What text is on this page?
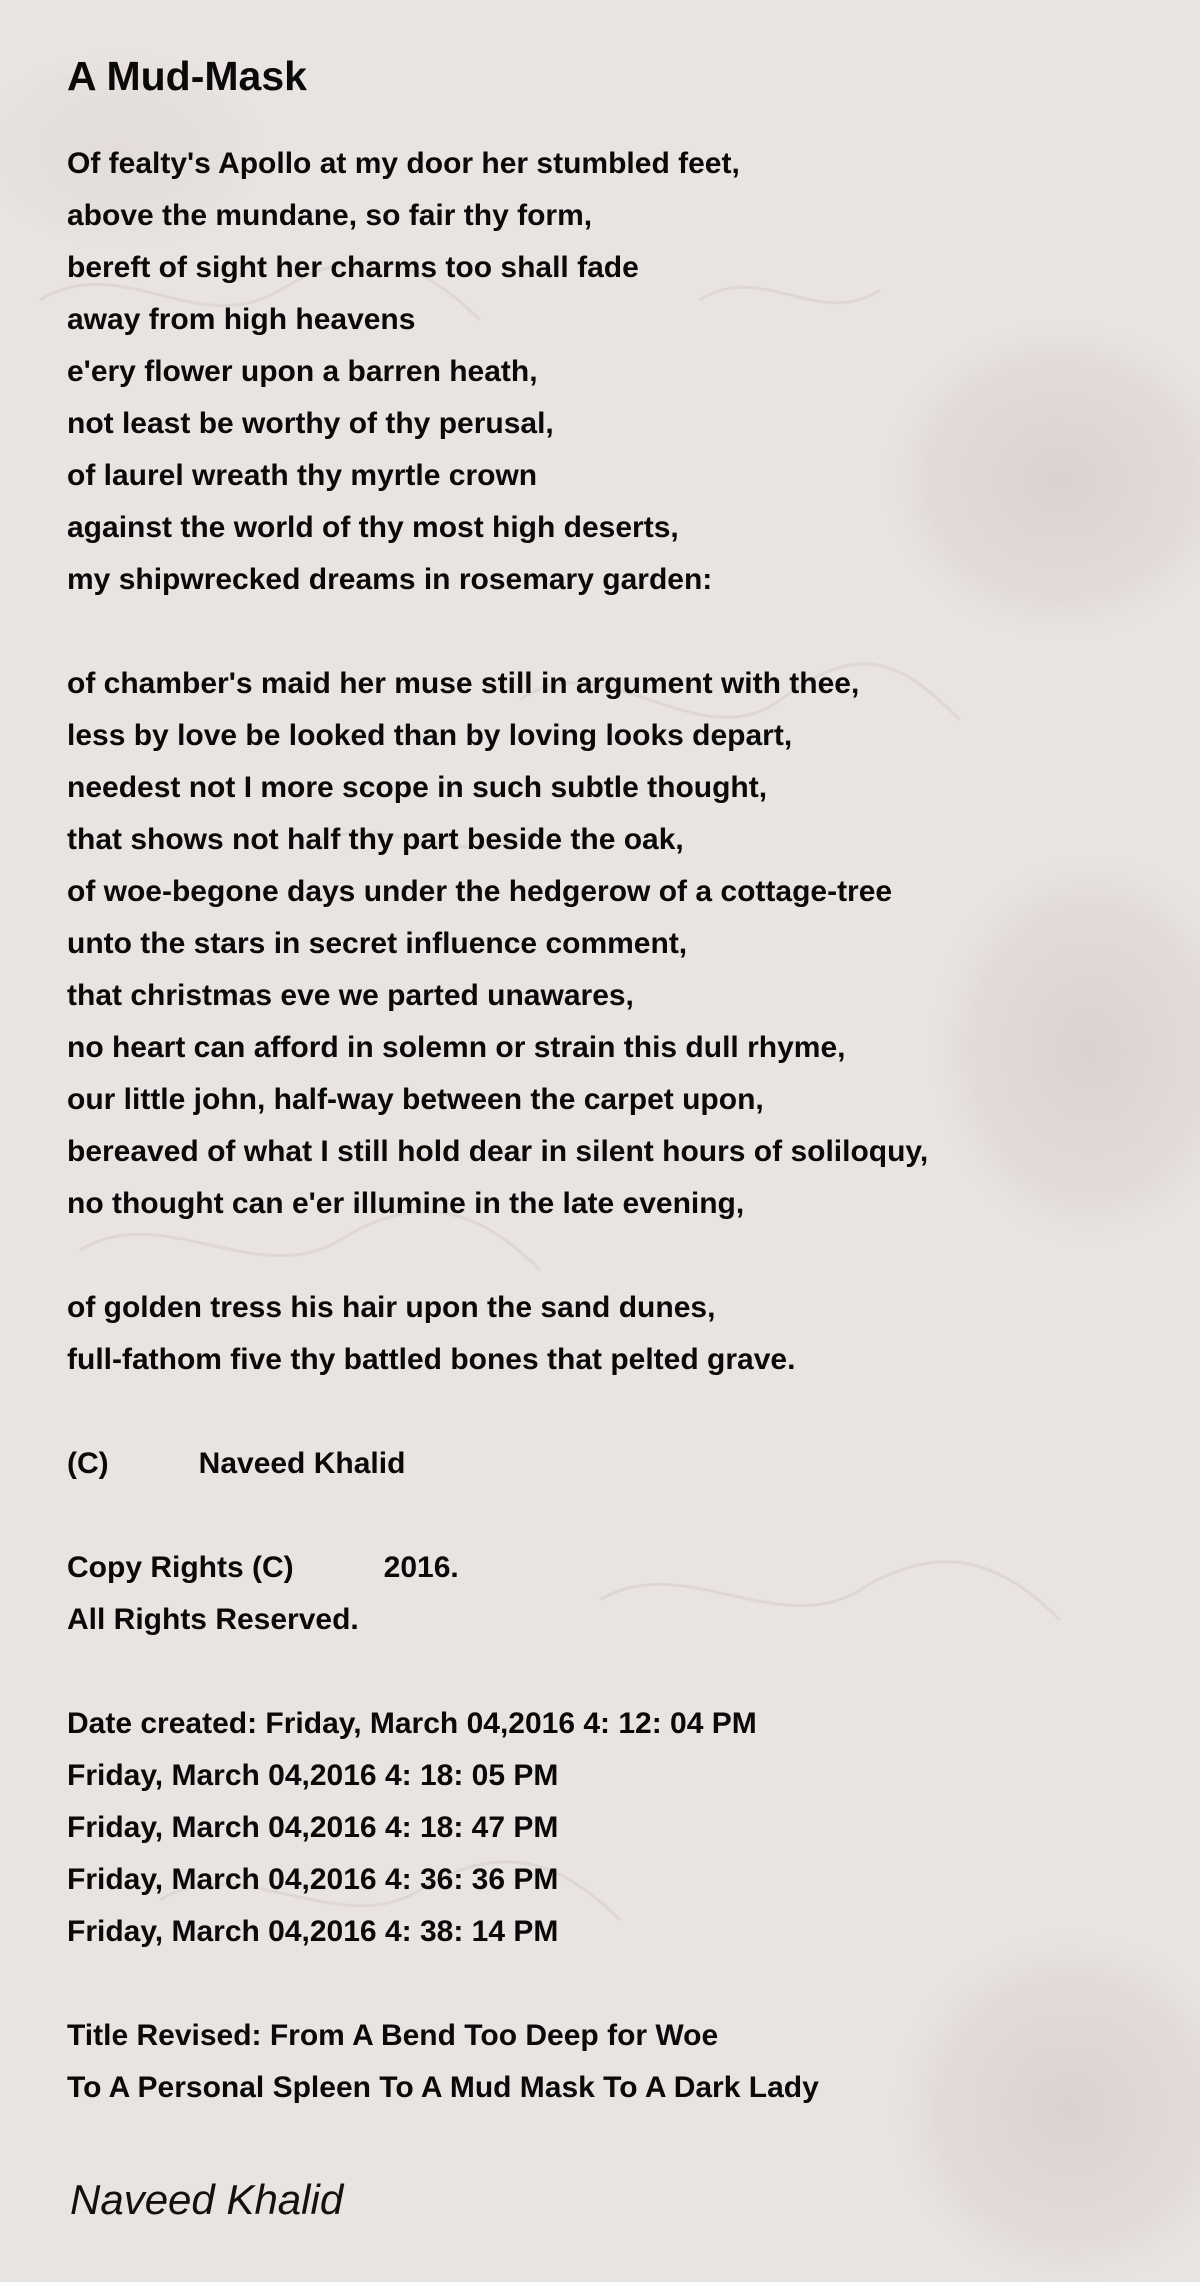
A Mud-Mask
Of fealty's Apollo at my door her stumbled feet,
above the mundane, so fair thy form,
bereft of sight her charms too shall fade
away from high heavens
e'ery flower upon a barren heath,
not least be worthy of thy perusal,
of laurel wreath thy myrtle crown
against the world of thy most high deserts,
my shipwrecked dreams in rosemary garden:
of chamber's maid her muse still in argument with thee,
less by love be looked than by loving looks depart,
needest not I more scope in such subtle thought,
that shows not half thy part beside the oak,
of woe-begone days under the hedgerow of a cottage-tree
unto the stars in secret influence comment,
that christmas eve we parted unawares,
no heart can afford in solemn or strain this dull rhyme,
our little john, half-way between the carpet upon,
bereaved of what I still hold dear in silent hours of soliloquy,
no thought can e'er illumine in the late evening,
of golden tress his hair upon the sand dunes,
full-fathom five thy battled bones that pelted grave.
(C)	Naveed Khalid
Copy Rights (C)	2016.
All Rights Reserved.
Date created: Friday, March 04,2016 4: 12: 04 PM
Friday, March 04,2016 4: 18: 05 PM
Friday, March 04,2016 4: 18: 47 PM
Friday, March 04,2016 4: 36: 36 PM
Friday, March 04,2016 4: 38: 14 PM
Title Revised: From A Bend Too Deep for Woe
To A Personal Spleen To A Mud Mask To A Dark Lady
Naveed Khalid
